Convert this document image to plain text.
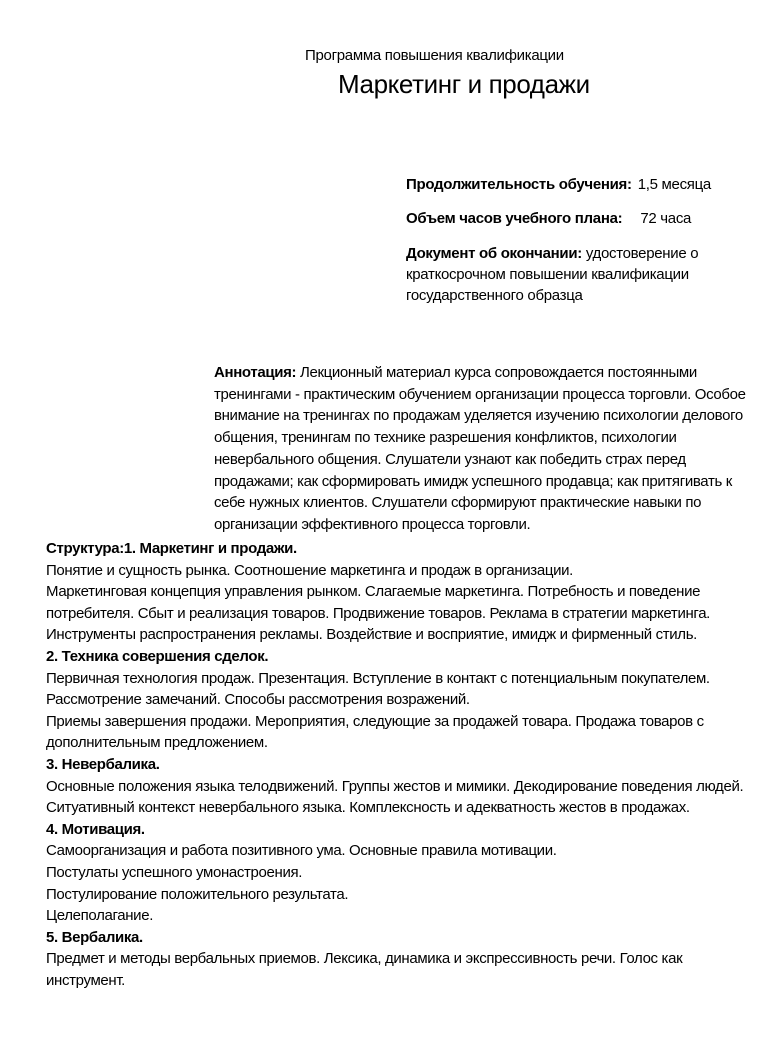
Программа повышения квалификации
Маркетинг и продажи
Продолжительность обучения: 1,5 месяца
Объем часов учебного плана: 72 часа
Документ об окончании: удостоверение о краткосрочном повышении квалификации государственного образца
Аннотация: Лекционный материал курса сопровождается постоянными тренингами - практическим обучением организации процесса торговли. Особое внимание на тренингах по продажам уделяется изучению психологии делового общения, тренингам по технике разрешения конфликтов, психологии невербального общения. Слушатели узнают как победить страх перед продажами; как сформировать имидж успешного продавца; как притягивать к себе нужных клиентов. Слушатели сформируют практические навыки по организации эффективного процесса торговли.

Структура:1. Маркетинг и продажи.

Понятие и сущность рынка. Соотношение маркетинга и продаж в организации.

Маркетинговая концепция управления рынком. Слагаемые маркетинга. Потребность и поведение потребителя. Сбыт и реализация товаров. Продвижение товаров. Реклама в стратегии маркетинга. Инструменты распространения рекламы. Воздействие и восприятие, имидж и фирменный стиль.

2. Техника совершения сделок.

Первичная технология продаж. Презентация. Вступление в контакт с потенциальным покупателем. Рассмотрение замечаний. Способы рассмотрения возражений.

Приемы завершения продажи. Мероприятия, следующие за продажей товара. Продажа товаров с дополнительным предложением.

3. Невербалика.

Основные положения языка телодвижений. Группы жестов и мимики. Декодирование поведения людей.

Ситуативный контекст невербального языка. Комплексность и адекватность жестов в продажах.

4. Мотивация.

Самоорганизация и работа позитивного ума. Основные правила мотивации.

Постулаты успешного умонастроения.

Постулирование положительного результата.

Целеполагание.

5. Вербалика.

Предмет и методы вербальных приемов. Лексика, динамика и экспрессивность речи. Голос как инструмент.
